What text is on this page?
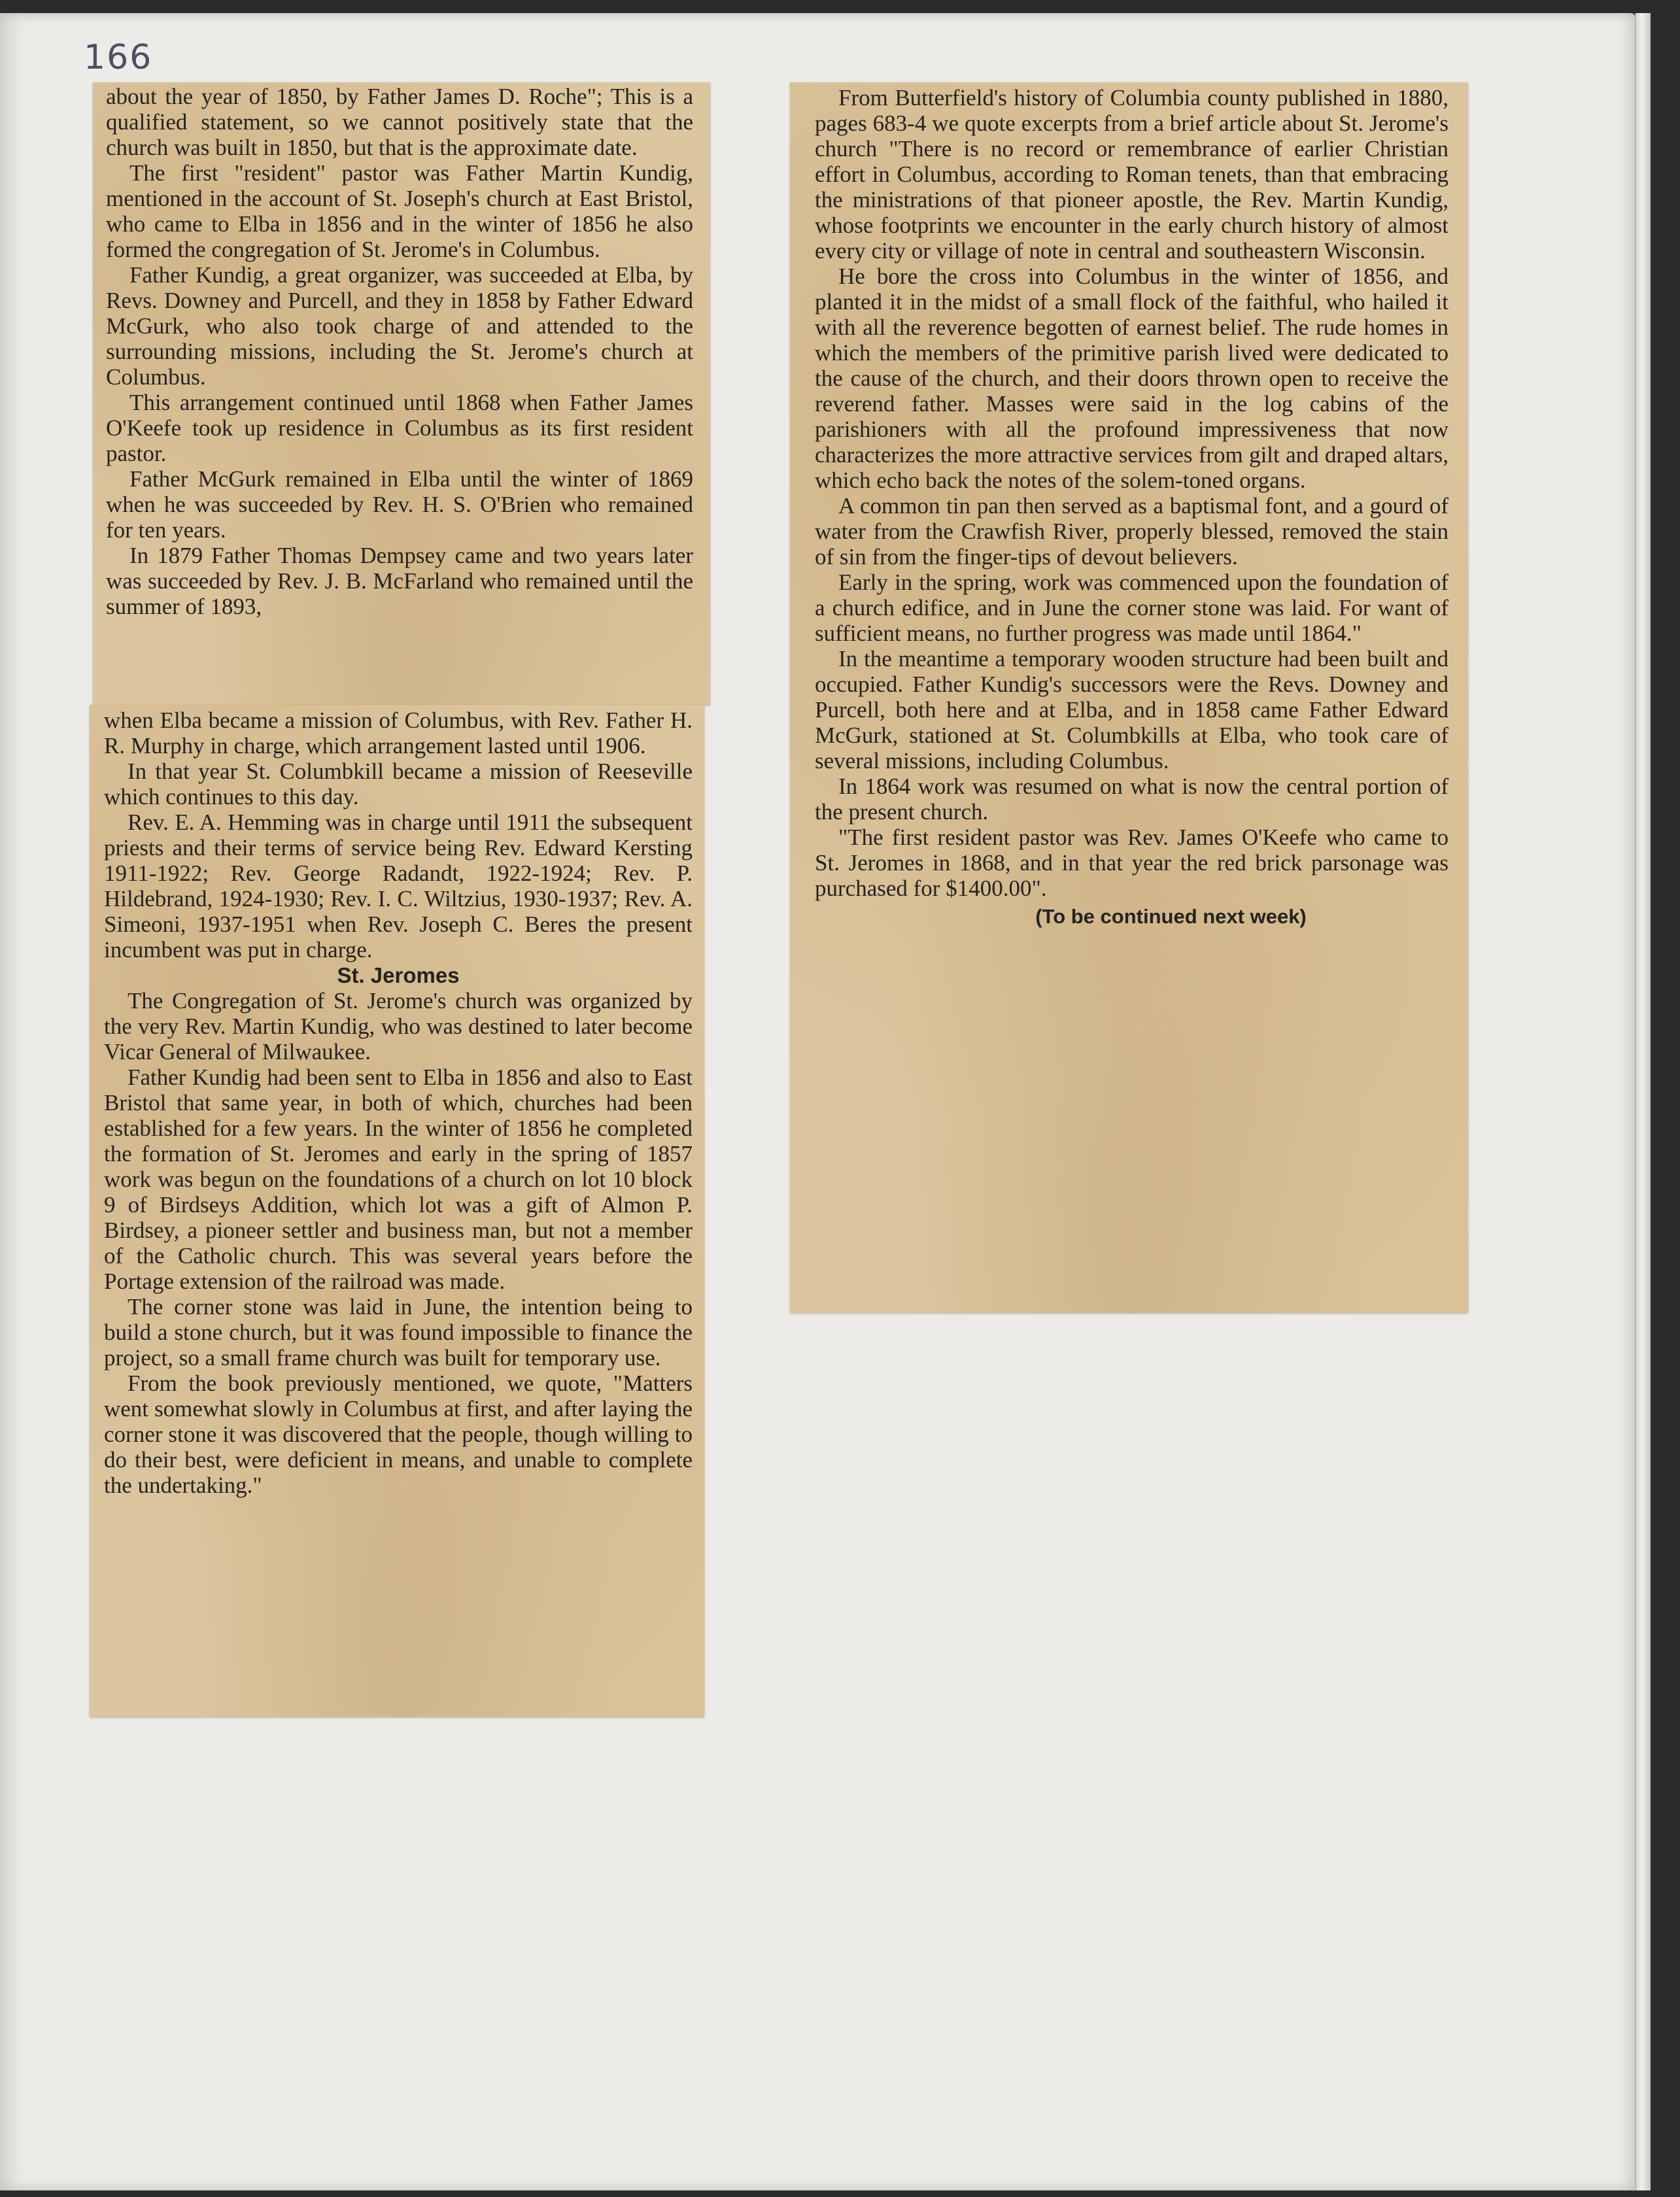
166

about the year of 1850, by Father James D. Roche"; This is a qualified statement, so we cannot positively state that the church was built in 1850, but that is the approximate date.

The first "resident" pastor was Father Martin Kundig, mentioned in the account of St. Joseph's church at East Bristol, who came to Elba in 1856 and in the winter of 1856 he also formed the congregation of St. Jerome's in Columbus.

Father Kundig, a great organizer, was succeeded at Elba, by Revs. Downey and Purcell, and they in 1858 by Father Edward McGurk, who also took charge of and attended to the surrounding missions, including the St. Jerome's church at Columbus.

This arrangement continued until 1868 when Father James O'Keefe took up residence in Columbus as its first resident pastor.

Father McGurk remained in Elba until the winter of 1869 when he was succeeded by Rev. H. S. O'Brien who remained for ten years.

In 1879 Father Thomas Dempsey came and two years later was succeeded by Rev. J. B. McFarland who remained until the summer of 1893,

when Elba became a mission of Columbus, with Rev. Father H. R. Murphy in charge, which arrangement lasted until 1906.

In that year St. Columbkill became a mission of Reeseville which continues to this day.

Rev. E. A. Hemming was in charge until 1911 the subsequent priests and their terms of service being Rev. Edward Kersting 1911-1922; Rev. George Radandt, 1922-1924; Rev. P. Hildebrand, 1924-1930; Rev. I. C. Wiltzius, 1930-1937; Rev. A. Simeoni, 1937-1951 when Rev. Joseph C. Beres the present incumbent was put in charge.

St. Jeromes

The Congregation of St. Jerome's church was organized by the very Rev. Martin Kundig, who was destined to later become Vicar General of Milwaukee.

Father Kundig had been sent to Elba in 1856 and also to East Bristol that same year, in both of which, churches had been established for a few years. In the winter of 1856 he completed the formation of St. Jeromes and early in the spring of 1857 work was begun on the foundations of a church on lot 10 block 9 of Birdseys Addition, which lot was a gift of Almon P. Birdsey, a pioneer settler and business man, but not a member of the Catholic church. This was several years before the Portage extension of the railroad was made.

The corner stone was laid in June, the intention being to build a stone church, but it was found impossible to finance the project, so a small frame church was built for temporary use.

From the book previously mentioned, we quote, "Matters went somewhat slowly in Columbus at first, and after laying the corner stone it was discovered that the people, though willing to do their best, were deficient in means, and unable to complete the undertaking."

From Butterfield's history of Columbia county published in 1880, pages 683-4 we quote excerpts from a brief article about St. Jerome's church "There is no record or remembrance of earlier Christian effort in Columbus, according to Roman tenets, than that embracing the ministrations of that pioneer apostle, the Rev. Martin Kundig, whose footprints we encounter in the early church history of almost every city or village of note in central and southeastern Wisconsin.

He bore the cross into Columbus in the winter of 1856, and planted it in the midst of a small flock of the faithful, who hailed it with all the reverence begotten of earnest belief. The rude homes in which the members of the primitive parish lived were dedicated to the cause of the church, and their doors thrown open to receive the reverend father. Masses were said in the log cabins of the parishioners with all the profound impressiveness that now characterizes the more attractive services from gilt and draped altars, which echo back the notes of the solem-toned organs.

A common tin pan then served as a baptismal font, and a gourd of water from the Crawfish River, properly blessed, removed the stain of sin from the finger-tips of devout believers.

Early in the spring, work was commenced upon the foundation of a church edifice, and in June the corner stone was laid. For want of sufficient means, no further progress was made until 1864."

In the meantime a temporary wooden structure had been built and occupied. Father Kundig's successors were the Revs. Downey and Purcell, both here and at Elba, and in 1858 came Father Edward McGurk, stationed at St. Columbkills at Elba, who took care of several missions, including Columbus.

In 1864 work was resumed on what is now the central portion of the present church.

"The first resident pastor was Rev. James O'Keefe who came to St. Jeromes in 1868, and in that year the red brick parsonage was purchased for $1400.00".

(To be continued next week)
